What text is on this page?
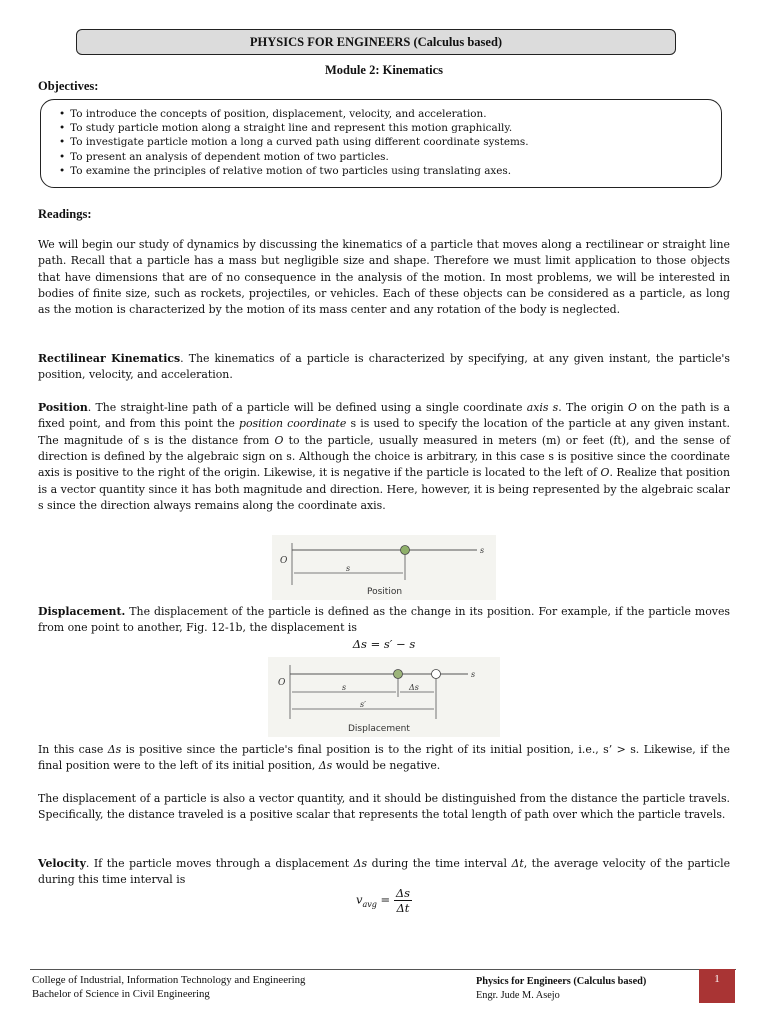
PHYSICS FOR ENGINEERS (Calculus based)
Module 2: Kinematics
Objectives:
• To introduce the concepts of position, displacement, velocity, and acceleration.
• To study particle motion along a straight line and represent this motion graphically.
• To investigate particle motion a long a curved path using different coordinate systems.
• To present an analysis of dependent motion of two particles.
• To examine the principles of relative motion of two particles using translating axes.
Readings:
We will begin our study of dynamics by discussing the kinematics of a particle that moves along a rectilinear or straight line path. Recall that a particle has a mass but negligible size and shape. Therefore we must limit application to those objects that have dimensions that are of no consequence in the analysis of the motion. In most problems, we will be interested in bodies of finite size, such as rockets, projectiles, or vehicles. Each of these objects can be considered as a particle, as long as the motion is characterized by the motion of its mass center and any rotation of the body is neglected.
Rectilinear Kinematics. The kinematics of a particle is characterized by specifying, at any given instant, the particle's position, velocity, and acceleration.
Position. The straight-line path of a particle will be defined using a single coordinate axis s. The origin O on the path is a fixed point, and from this point the position coordinate s is used to specify the location of the particle at any given instant. The magnitude of s is the distance from O to the particle, usually measured in meters (m) or feet (ft), and the sense of direction is defined by the algebraic sign on s. Although the choice is arbitrary, in this case s is positive since the coordinate axis is positive to the right of the origin. Likewise, it is negative if the particle is located to the left of O. Realize that position is a vector quantity since it has both magnitude and direction. Here, however, it is being represented by the algebraic scalar s since the direction always remains along the coordinate axis.
O
s
s
Position
Displacement. The displacement of the particle is defined as the change in its position. For example, if the particle moves from one point to another, Fig. 12-1b, the displacement is
Δs = s′ − s
O
s
s	Δs
s′
Displacement
In this case Δs is positive since the particle's final position is to the right of its initial position, i.e., s’ > s. Likewise, if the final position were to the left of its initial position, Δs would be negative.
The displacement of a particle is also a vector quantity, and it should be distinguished from the distance the particle travels. Specifically, the distance traveled is a positive scalar that represents the total length of path over which the particle travels.
Velocity. If the particle moves through a displacement Δs during the time interval Δt, the average velocity of the particle during this time interval is
$v_{avg} = \frac{\Delta s}{\Delta t}$
College of Industrial, Information Technology and Engineering
Bachelor of Science in Civil Engineering
Physics for Engineers (Calculus based)
Engr. Jude M. Asejo
1
